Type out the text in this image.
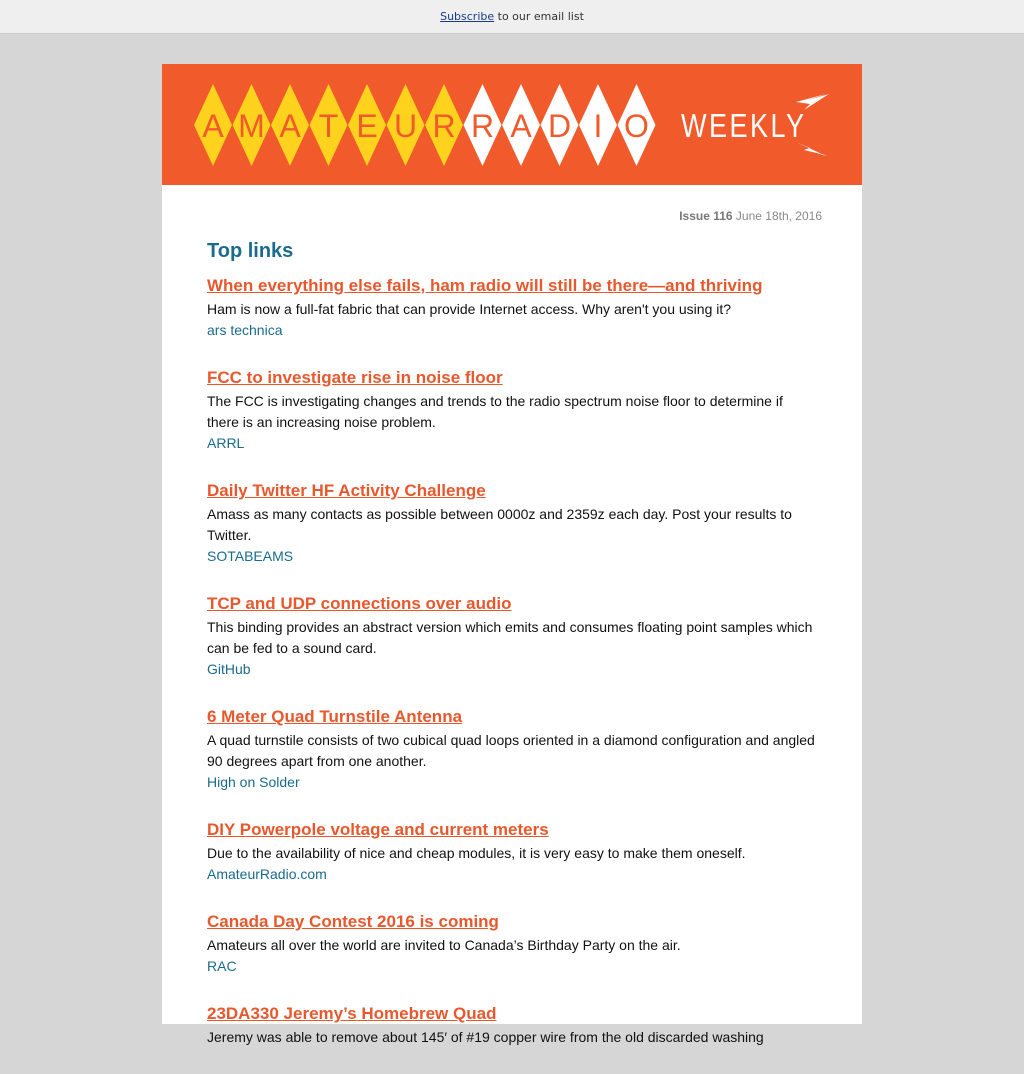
Subscribe to our email list
A M A T E U R R A D I O WEEKLY
Issue 116 June 18th, 2016
Top links
When everything else fails, ham radio will still be there—and thriving

Ham is now a full-fat fabric that can provide Internet access. Why aren't you using it?

ars technica
FCC to investigate rise in noise floor

The FCC is investigating changes and trends to the radio spectrum noise floor to determine if there is an increasing noise problem.

ARRL
Daily Twitter HF Activity Challenge

Amass as many contacts as possible between 0000z and 2359z each day. Post your results to Twitter.

SOTABEAMS
TCP and UDP connections over audio

This binding provides an abstract version which emits and consumes floating point samples which can be fed to a sound card.

GitHub
6 Meter Quad Turnstile Antenna

A quad turnstile consists of two cubical quad loops oriented in a diamond configuration and angled 90 degrees apart from one another.

High on Solder
DIY Powerpole voltage and current meters

Due to the availability of nice and cheap modules, it is very easy to make them oneself.

AmateurRadio.com
Canada Day Contest 2016 is coming

Amateurs all over the world are invited to Canada’s Birthday Party on the air.

RAC
23DA330 Jeremy’s Homebrew Quad

Jeremy was able to remove about 145′ of #19 copper wire from the old discarded washing
